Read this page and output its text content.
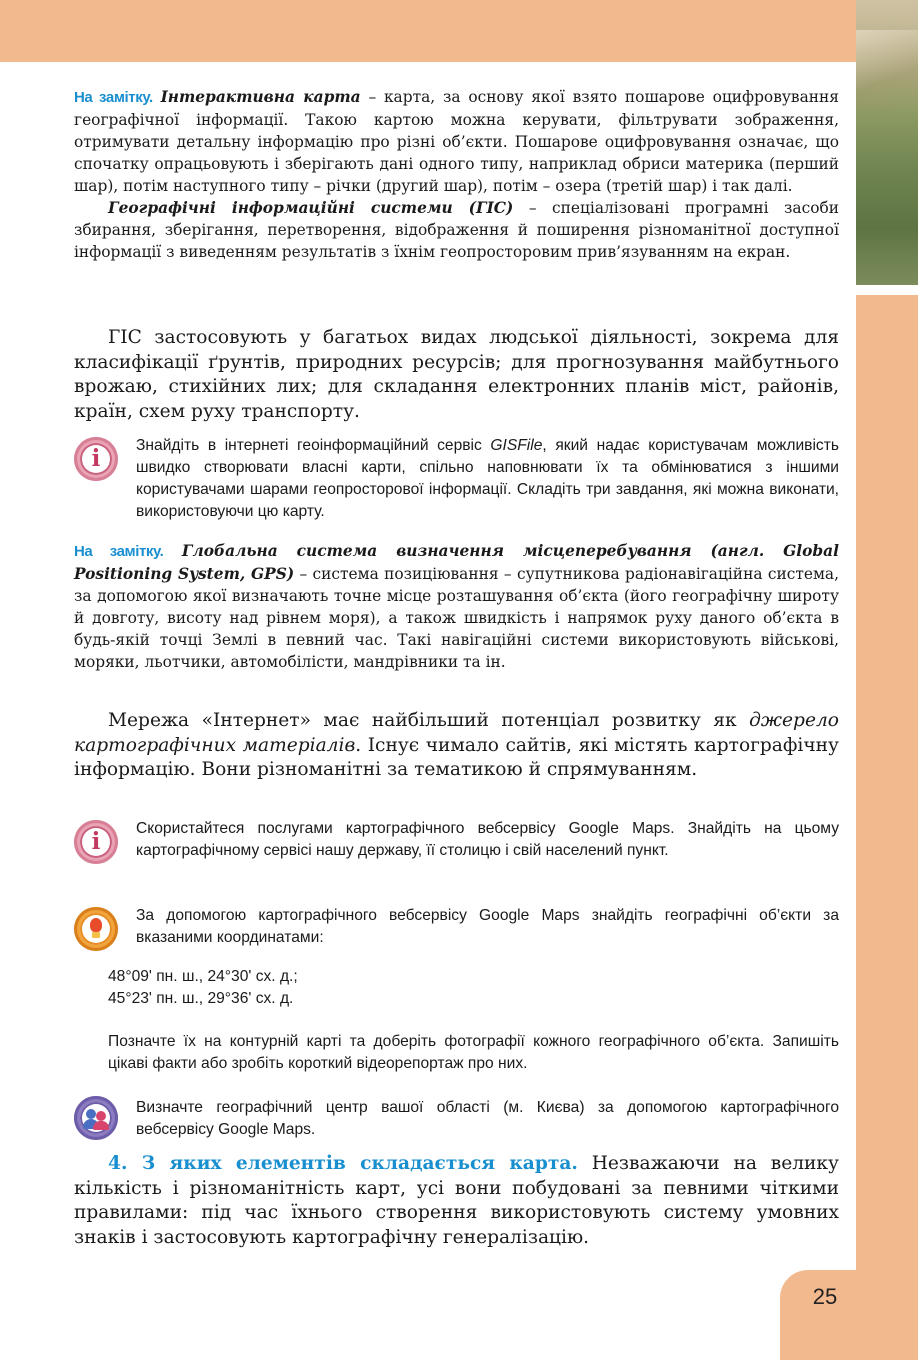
На замітку. Інтерактивна карта – карта, за основу якої взято пошарове оцифровування географічної інформації. Такою картою можна керувати, фільтрувати зображення, отримувати детальну інформацію про різні об’єкти. Пошарове оцифровування означає, що спочатку опрацьовують і зберігають дані одного типу, наприклад обриси материка (перший шар), потім наступного типу – річки (другий шар), потім – озера (третій шар) і так далі.
Географічні інформаційні системи (ГІС) – спеціалізовані програмні засоби збирання, зберігання, перетворення, відображення й поширення різноманітної доступної інформації з виведенням результатів з їхнім геопросторовим прив’язуванням на екран.

ГІС застосовують у багатьох видах людської діяльності, зокрема для класифікації ґрунтів, природних ресурсів; для прогнозування майбутнього врожаю, стихійних лих; для складання електронних планів міст, районів, країн, схем руху транспорту.

i	Знайдіть в інтернеті геоінформаційний сервіс GISFile, який надає користувачам можливість швидко створювати власні карти, спільно наповнювати їх та обмінюватися з іншими користувачами шарами геопросторової інформації. Складіть три завдання, які можна виконати, використовуючи цю карту.

На замітку. Глобальна система визначення місцеперебування (англ. Global Positioning System, GPS) – система позиціювання – супутникова радіонавігаційна система, за допомогою якої визначають точне місце розташування об’єкта (його географічну широту й довготу, висоту над рівнем моря), а також швидкість і напрямок руху даного об’єкта в будь-якій точці Землі в певний час. Такі навігаційні системи використовують військові, моряки, льотчики, автомобілісти, мандрівники та ін.

Мережа «Інтернет» має найбільший потенціал розвитку як джерело картографічних матеріалів. Існує чимало сайтів, які містять картографічну інформацію. Вони різноманітні за тематикою й спрямуванням.

i	Скористайтеся послугами картографічного вебсервісу Google Maps. Знайдіть на цьому картографічному сервісі нашу державу, її столицю і свій населений пункт.

За допомогою картографічного вебсервісу Google Maps знайдіть географічні об’єкти за вказаними координатами:

48°09' пн. ш., 24°30' сх. д.;
45°23' пн. ш., 29°36' сх. д.

Позначте їх на контурній карті та доберіть фотографії кожного географічного об’єкта. Запишіть цікаві факти або зробіть короткий відеорепортаж про них.

Визначте географічний центр вашої області (м. Києва) за допомогою картографічного вебсервісу Google Maps.

4. З яких елементів складається карта. Незважаючи на велику кількість і різноманітність карт, усі вони побудовані за певними чіткими правилами: під час їхнього створення використовують систему умовних знаків і застосовують картографічну генералізацію.

25
